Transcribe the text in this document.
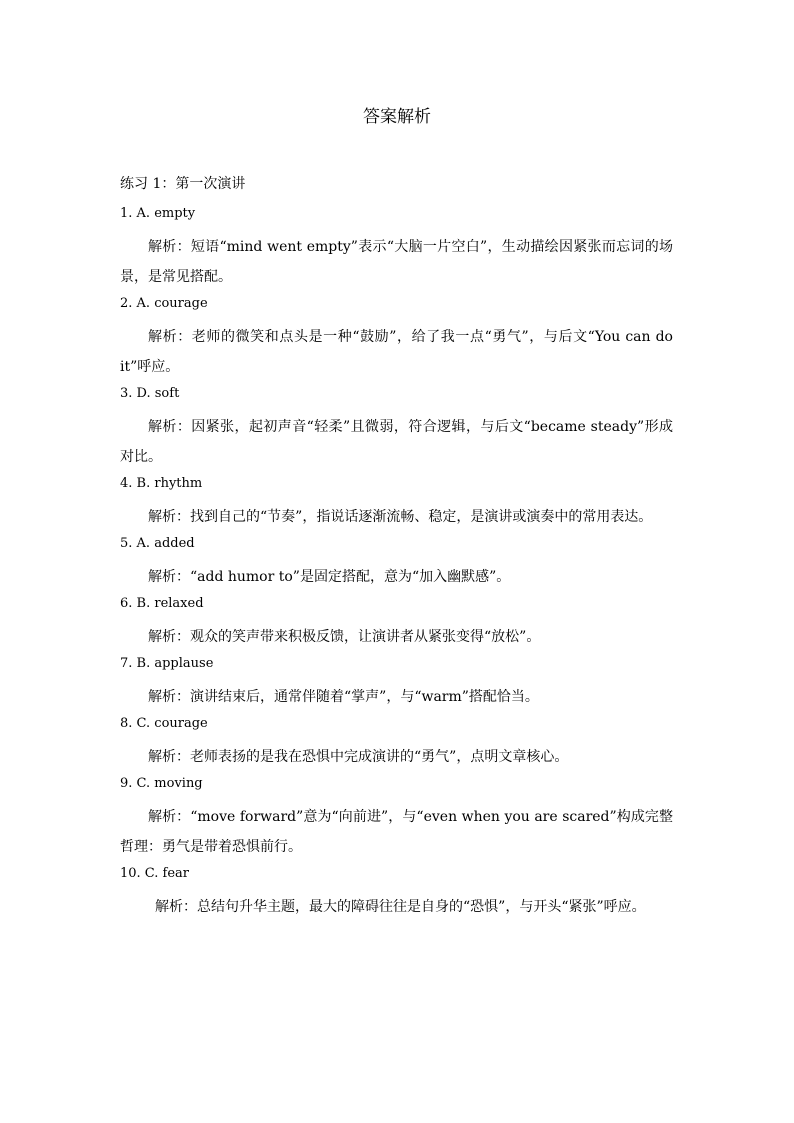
答案解析
练习 1：第一次演讲
1. A. empty
解析：短语“mind went empty”表示“大脑一片空白”，生动描绘因紧张而忘词的场景，是常见搭配。
2. A. courage
解析：老师的微笑和点头是一种“鼓励”，给了我一点“勇气”，与后文“You can do it”呼应。
3. D. soft
解析：因紧张，起初声音“轻柔”且微弱，符合逻辑，与后文“became steady”形成对比。
4. B. rhythm
解析：找到自己的“节奏”，指说话逐渐流畅、稳定，是演讲或演奏中的常用表达。
5. A. added
解析：“add humor to”是固定搭配，意为“加入幽默感”。
6. B. relaxed
解析：观众的笑声带来积极反馈，让演讲者从紧张变得“放松”。
7. B. applause
解析：演讲结束后，通常伴随着“掌声”，与“warm”搭配恰当。
8. C. courage
解析：老师表扬的是我在恐惧中完成演讲的“勇气”，点明文章核心。
9. C. moving
解析：“move forward”意为“向前进”，与“even when you are scared”构成完整哲理：勇气是带着恐惧前行。
10. C. fear
解析：总结句升华主题，最大的障碍往往是自身的“恐惧”，与开头“紧张”呼应。
